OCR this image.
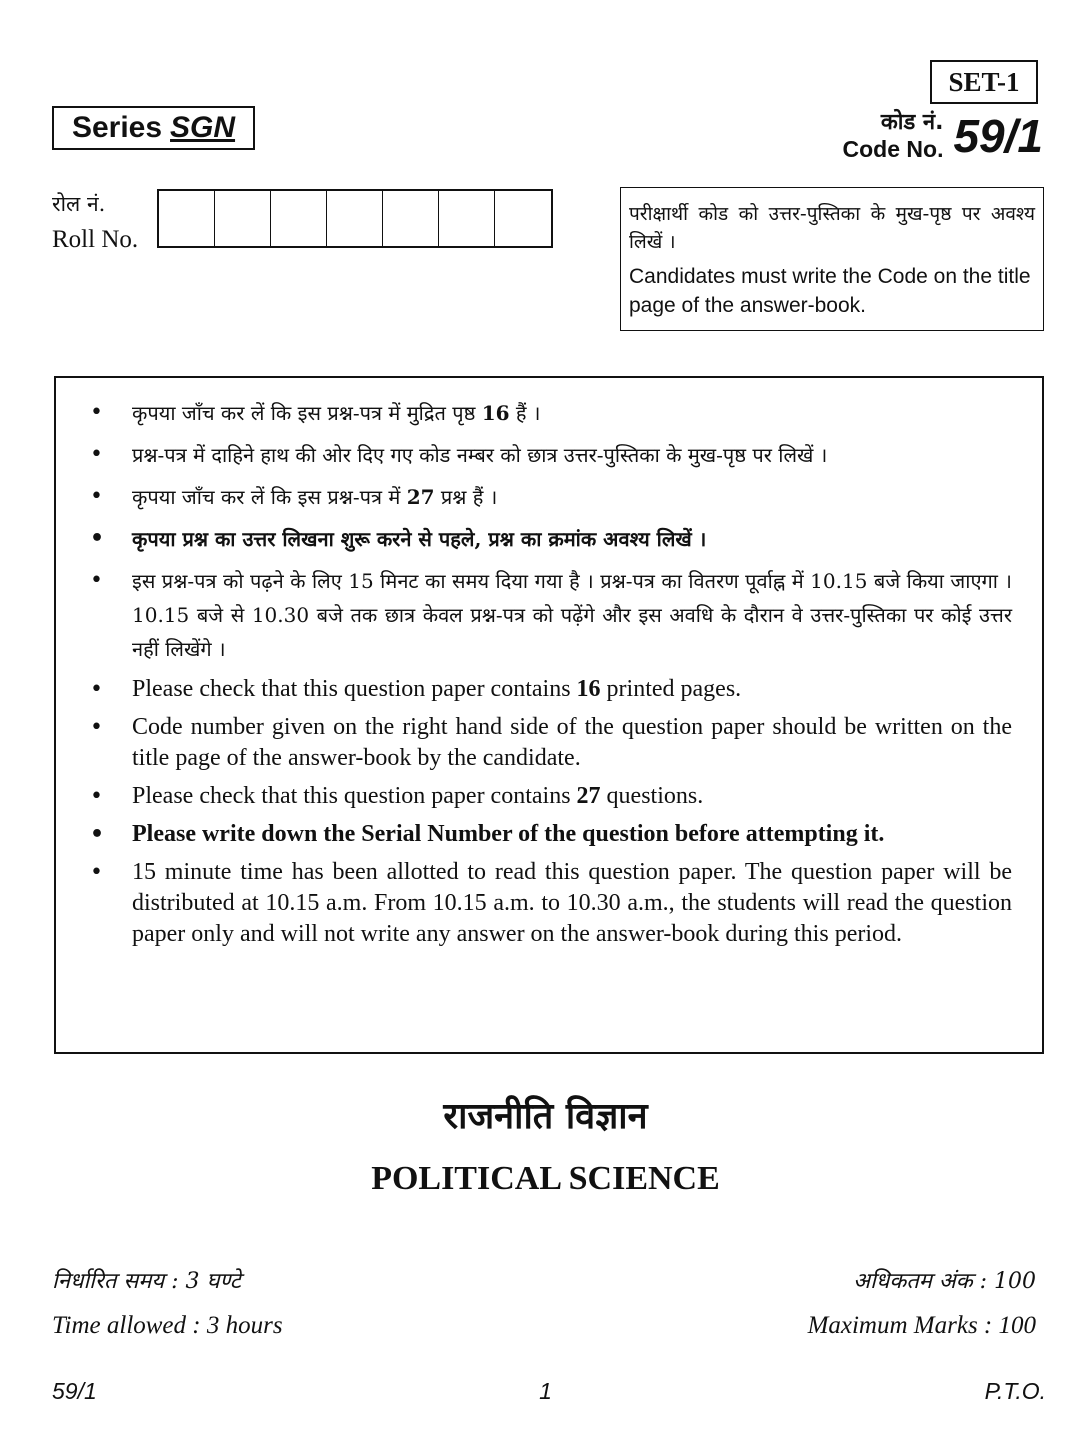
SET-1
Series SGN	कोड नं.
Code No. 59/1
रोल नं.
Roll No.
परीक्षार्थी कोड को उत्तर-पुस्तिका के मुख-पृष्ठ पर अवश्य लिखें ।
Candidates must write the Code on the title page of the answer-book.
• कृपया जाँच कर लें कि इस प्रश्न-पत्र में मुद्रित पृष्ठ 16 हैं ।
• प्रश्न-पत्र में दाहिने हाथ की ओर दिए गए कोड नम्बर को छात्र उत्तर-पुस्तिका के मुख-पृष्ठ पर लिखें ।
• कृपया जाँच कर लें कि इस प्रश्न-पत्र में 27 प्रश्न हैं ।
• कृपया प्रश्न का उत्तर लिखना शुरू करने से पहले, प्रश्न का क्रमांक अवश्य लिखें ।
• इस प्रश्न-पत्र को पढ़ने के लिए 15 मिनट का समय दिया गया है । प्रश्न-पत्र का वितरण पूर्वाह्न में 10.15 बजे किया जाएगा । 10.15 बजे से 10.30 बजे तक छात्र केवल प्रश्न-पत्र को पढ़ेंगे और इस अवधि के दौरान वे उत्तर-पुस्तिका पर कोई उत्तर नहीं लिखेंगे ।
• Please check that this question paper contains 16 printed pages.
• Code number given on the right hand side of the question paper should be written on the title page of the answer-book by the candidate.
• Please check that this question paper contains 27 questions.
• Please write down the Serial Number of the question before attempting it.
• 15 minute time has been allotted to read this question paper. The question paper will be distributed at 10.15 a.m. From 10.15 a.m. to 10.30 a.m., the students will read the question paper only and will not write any answer on the answer-book during this period.
राजनीति विज्ञान
POLITICAL SCIENCE
निर्धारित समय : 3 घण्टे	अधिकतम अंक : 100
Time allowed : 3 hours	Maximum Marks : 100
59/1	1	P.T.O.
